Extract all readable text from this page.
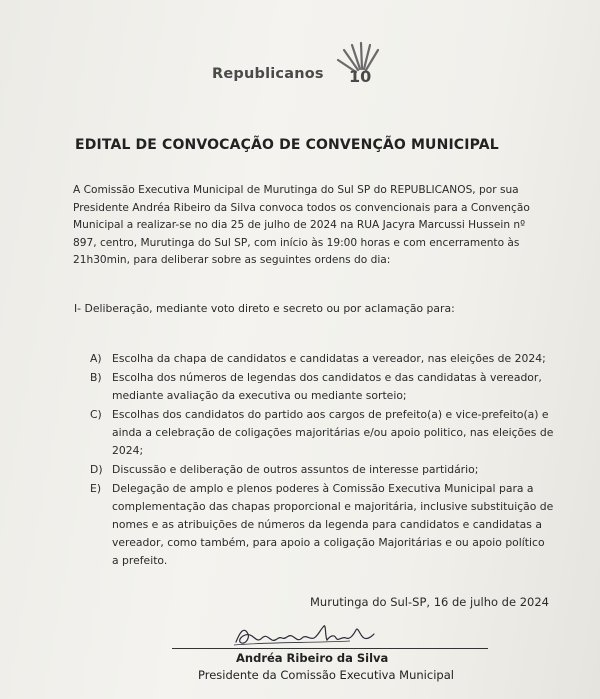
10
Republicanos
EDITAL DE CONVOCAÇÃO DE CONVENÇÃO MUNICIPAL

A Comissão Executiva Municipal de Murutinga do Sul SP do REPUBLICANOS, por sua
Presidente Andréa Ribeiro da Silva convoca todos os convencionais para a Convenção
Municipal a realizar-se no dia 25 de julho de 2024 na RUA Jacyra Marcussi Hussein nº
897, centro, Murutinga do Sul SP, com início às 19:00 horas e com encerramento às
21h30min, para deliberar sobre as seguintes ordens do dia:

I- Deliberação, mediante voto direto e secreto ou por aclamação para:

A) Escolha da chapa de candidatos e candidatas a vereador, nas eleições de 2024;
B) Escolha dos números de legendas dos candidatos e das candidatas à vereador,
mediante avaliação da executiva ou mediante sorteio;
C) Escolhas dos candidatos do partido aos cargos de prefeito(a) e vice-prefeito(a) e
ainda a celebração de coligações majoritárias e/ou apoio politico, nas eleições de
2024;
D) Discussão e deliberação de outros assuntos de interesse partidário;
E)	Delegação de amplo e plenos poderes à Comissão Executiva Municipal para a
complementação das chapas proporcional e majoritária, inclusive substituição de
nomes e as atribuições de números da legenda para candidatos e candidatas a
vereador, como também, para apoio a coligação Majoritárias e ou apoio político
a prefeito.

Murutinga do Sul-SP, 16 de julho de 2024

Andréa Ribeiro da Silva

Presidente da Comissão Executiva Municipal
